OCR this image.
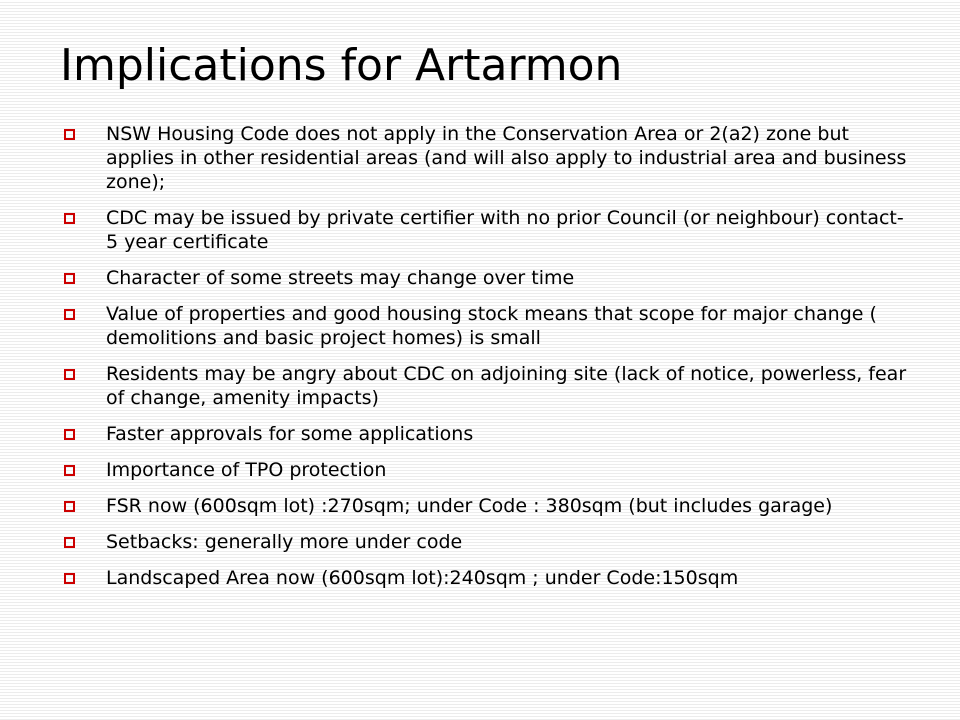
Implications for Artarmon
NSW Housing Code does not apply in the Conservation Area or 2(a2) zone but applies in other residential areas (and will also apply to industrial area and business zone);
CDC may be issued by private certifier with no prior Council (or neighbour) contact- 5 year certificate
Character of some streets may change over time
Value of properties and good housing stock means that scope for major change ( demolitions and basic project homes) is small
Residents may be angry about CDC on adjoining site (lack of notice, powerless, fear of change, amenity impacts)
Faster approvals for some applications
Importance of TPO protection
FSR now (600sqm lot) :270sqm; under Code : 380sqm (but includes garage)
Setbacks: generally more under code
Landscaped Area now (600sqm lot):240sqm ; under Code:150sqm
